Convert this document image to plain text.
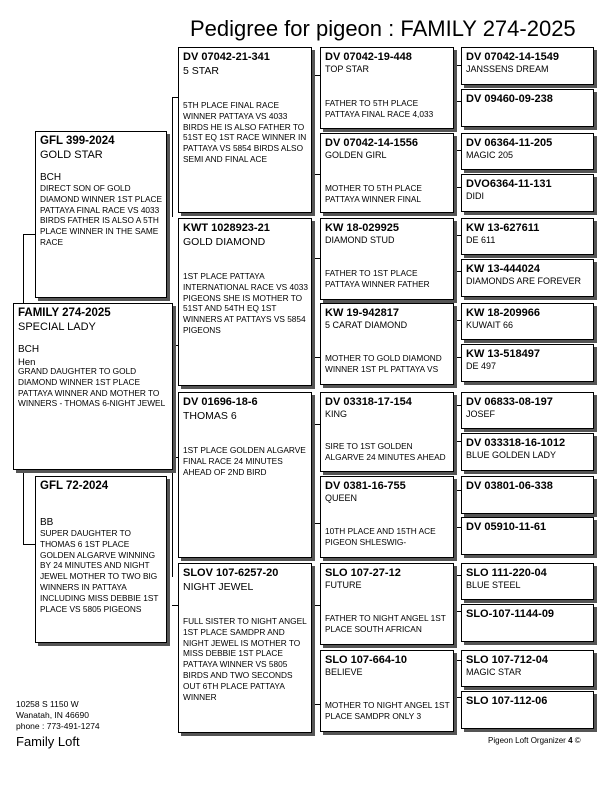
Pedigree for pigeon : FAMILY 274-2025
FAMILY 274-2025
SPECIAL LADY
BCH
Hen
GRAND DAUGHTER TO GOLD DIAMOND WINNER 1ST PLACE PATTAYA WINNER AND MOTHER TO WINNERS - THOMAS 6-NIGHT JEWEL
GFL 399-2024
GOLD STAR
BCH
DIRECT SON OF GOLD DIAMOND WINNER 1ST PLACE PATTAYA FINAL RACE VS 4033 BIRDS FATHER IS ALSO A 5TH PLACE WINNER IN THE SAME RACE
GFL 72-2024
BB
SUPER DAUGHTER TO THOMAS 6 1ST PLACE GOLDEN ALGARVE WINNING BY 24 MINUTES AND NIGHT JEWEL MOTHER TO TWO BIG WINNERS IN PATTAYA INCLUDING MISS DEBBIE 1ST PLACE VS 5805 PIGEONS
DV 07042-21-341
5 STAR
5TH PLACE FINAL RACE WINNER PATTAYA VS 4033 BIRDS HE IS ALSO FATHER TO 51ST EQ 1ST RACE WINNER IN PATTAYA VS 5854 BIRDS ALSO SEMI AND FINAL ACE
KWT 1028923-21
GOLD DIAMOND
1ST PLACE PATTAYA INTERNATIONAL RACE VS 4033 PIGEONS SHE IS MOTHER TO 51ST AND 54TH EQ 1ST WINNERS AT PATTAYS VS 5854 PIGEONS
DV 01696-18-6
THOMAS 6
1ST PLACE GOLDEN ALGARVE FINAL RACE 24 MINUTES AHEAD OF 2ND BIRD
SLOV 107-6257-20
NIGHT JEWEL
FULL SISTER TO NIGHT ANGEL 1ST PLACE SAMDPR AND NIGHT JEWEL IS MOTHER TO MISS DEBBIE 1ST PLACE PATTAYA WINNER VS 5805 BIRDS AND TWO SECONDS OUT 6TH PLACE PATTAYA WINNER
DV 07042-19-448
TOP STAR
FATHER TO 5TH PLACE PATTAYA FINAL RACE 4,033
DV 07042-14-1556
GOLDEN GIRL
MOTHER TO 5TH PLACE PATTAYA WINNER FINAL
KW 18-029925
DIAMOND STUD
FATHER TO 1ST PLACE PATTAYA WINNER FATHER
KW 19-942817
5 CARAT DIAMOND
MOTHER TO GOLD DIAMOND WINNER 1ST PL PATTAYA VS
DV 03318-17-154
KING
SIRE TO 1ST GOLDEN ALGARVE 24 MINUTES AHEAD
DV 0381-16-755
QUEEN
10TH PLACE AND 15TH ACE PIGEON SHLESWIG-
SLO 107-27-12
FUTURE
FATHER TO NIGHT ANGEL 1ST PLACE SOUTH AFRICAN
SLO 107-664-10
BELIEVE
MOTHER TO NIGHT ANGEL 1ST PLACE SAMDPR ONLY 3
DV 07042-14-1549
JANSSENS DREAM
DV 09460-09-238
DV 06364-11-205
MAGIC 205
DVO6364-11-131
DIDI
KW 13-627611
DE 611
KW 13-444024
DIAMONDS ARE FOREVER
KW 18-209966
KUWAIT 66
KW 13-518497
DE 497
DV 06833-08-197
JOSEF
DV 033318-16-1012
BLUE GOLDEN LADY
DV 03801-06-338
DV 05910-11-61
SLO 111-220-04
BLUE STEEL
SLO-107-1144-09
SLO 107-712-04
MAGIC STAR
SLO 107-112-06
10258 S 1150 W
Wanatah, IN 46690
phone : 773-491-1274
Family Loft	Pigeon Loft Organizer 4 ©
